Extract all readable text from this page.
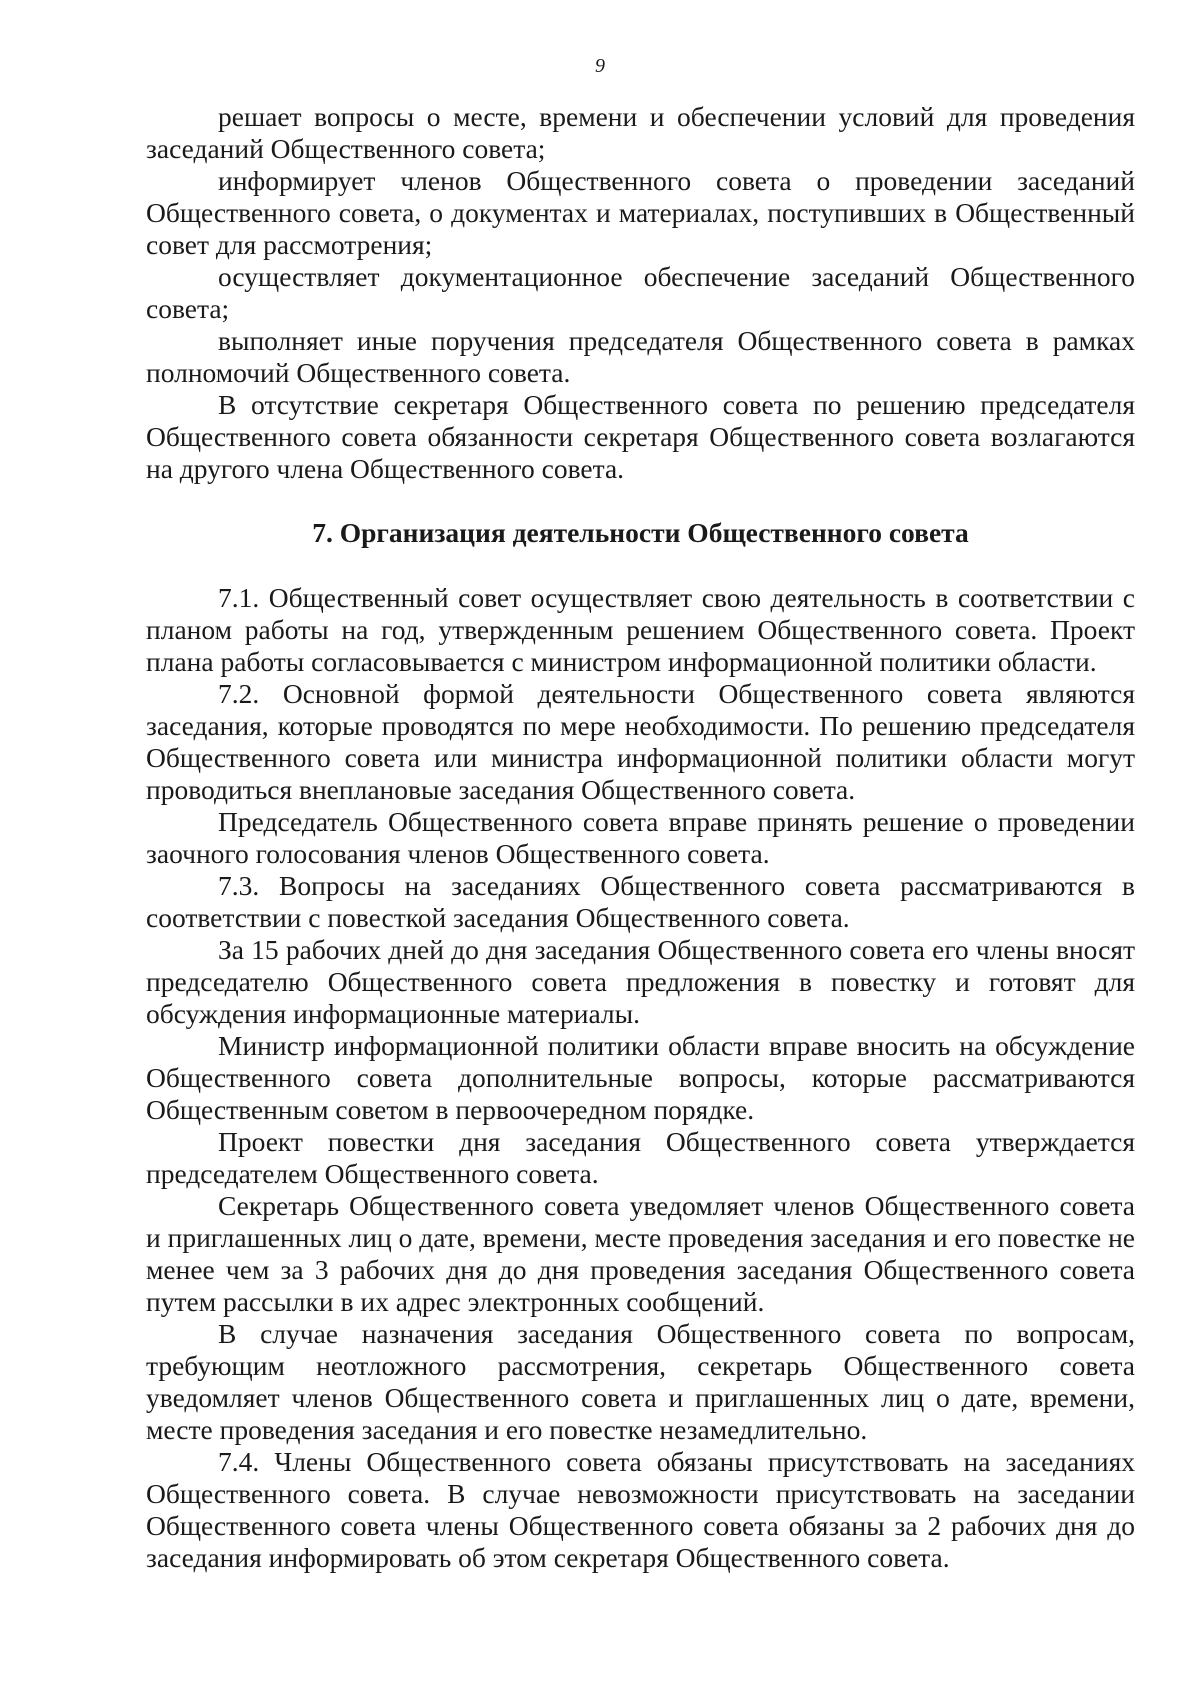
9

решает вопросы о месте, времени и обеспечении условий для проведения заседаний Общественного совета;

информирует членов Общественного совета о проведении заседаний Общественного совета, о документах и материалах, поступивших в Общественный совет для рассмотрения;

осуществляет документационное обеспечение заседаний Общественного совета;

выполняет иные поручения председателя Общественного совета в рамках полномочий Общественного совета.

В отсутствие секретаря Общественного совета по решению председателя Общественного совета обязанности секретаря Общественного совета возлагаются на другого члена Общественного совета.

7. Организация деятельности Общественного совета

7.1. Общественный совет осуществляет свою деятельность в соответствии с планом работы на год, утвержденным решением Общественного совета. Проект плана работы согласовывается с министром информационной политики области.

7.2. Основной формой деятельности Общественного совета являются заседания, которые проводятся по мере необходимости. По решению председателя Общественного совета или министра информационной политики области могут проводиться внеплановые заседания Общественного совета.

Председатель Общественного совета вправе принять решение о проведении заочного голосования членов Общественного совета.

7.3. Вопросы на заседаниях Общественного совета рассматриваются в соответствии с повесткой заседания Общественного совета.

За 15 рабочих дней до дня заседания Общественного совета его члены вносят председателю Общественного совета предложения в повестку и готовят для обсуждения информационные материалы.

Министр информационной политики области вправе вносить на обсуждение Общественного совета дополнительные вопросы, которые рассматриваются Общественным советом в первоочередном порядке.

Проект повестки дня заседания Общественного совета утверждается председателем Общественного совета.

Секретарь Общественного совета уведомляет членов Общественного совета и приглашенных лиц о дате, времени, месте проведения заседания и его повестке не менее чем за 3 рабочих дня до дня проведения заседания Общественного совета путем рассылки в их адрес электронных сообщений.

В случае назначения заседания Общественного совета по вопросам, требующим неотложного рассмотрения, секретарь Общественного совета уведомляет членов Общественного совета и приглашенных лиц о дате, времени, месте проведения заседания и его повестке незамедлительно.

7.4. Члены Общественного совета обязаны присутствовать на заседаниях Общественного совета. В случае невозможности присутствовать на заседании Общественного совета члены Общественного совета обязаны за 2 рабочих дня до заседания информировать об этом секретаря Общественного совета.
